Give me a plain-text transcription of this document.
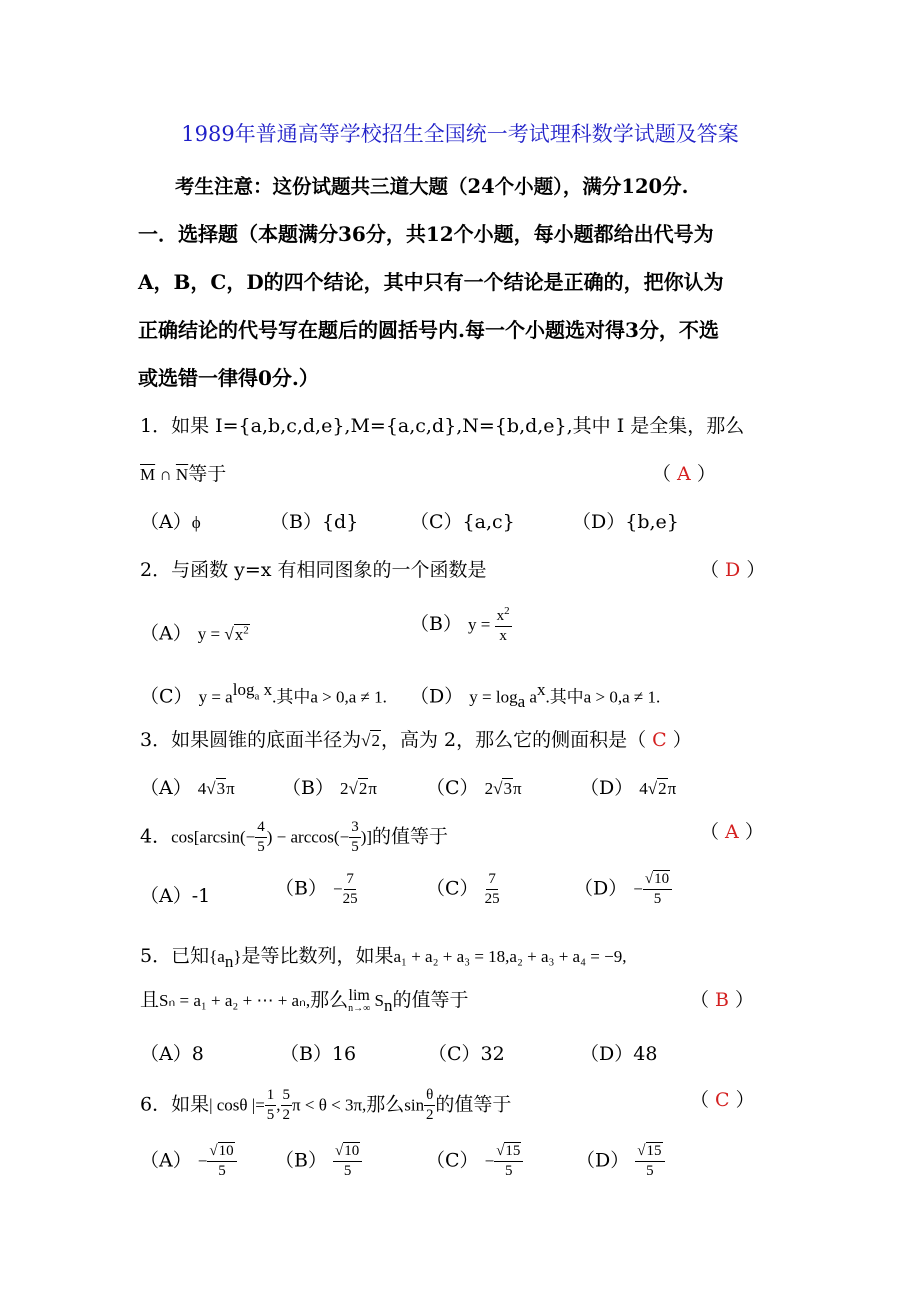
1989年普通高等学校招生全国统一考试理科数学试题及答案
考生注意：这份试题共三道大题（24个小题），满分120分.
一．选择题（本题满分36分，共12个小题，每小题都给出代号为
A，B，C，D的四个结论，其中只有一个结论是正确的，把你认为
正确结论的代号写在题后的圆括号内.每一个小题选对得3分，不选
或选错一律得0分.）
1．如果 I={a,b,c,d,e},M={a,c,d},N={b,d,e},其中 I 是全集，那么
$\overline{M}$ ∩ $\overline{N}$等于	（ A ）
（A）ϕ	（B）{d}	（C）{a,c}	（D）{b,e}
2．与函数 y=x 有相同图象的一个函数是	（ D ）
（A） $y = √x^2$	（B） $y = \frac{x^2}{x}$
（C） $y = a^{log_a x}$.其中a > 0,a ≠ 1. （D） $y = \log_a a^x$.其中a > 0,a ≠ 1.
3．如果圆锥的底面半径为√2，高为 2，那么它的侧面积是（ C ）
（A） 4√3π （B） 2√2π	（C） 2√3π	（D） 4√2π
4．$\cos[\arcsin(- \frac{4}{5}$ ) − $\arccos(- \frac{3}{5}$ )]的值等于	（ A ）
（A）-1	$(B) - \frac{7}{25}$	$(C) \frac{7}{25}$	$(D) - \frac{√10}{5}$
5．已知$\{a_n\}$是等比数列，如果a₁ + a₂ + a₃ = 18,a₂ + a₃ + a₄ = −9,
且Sₙ = a₁ + a₂ + ⋯ + aₙ,那么 lim
n→∞ $S_n$的值等于	（ B ）
（A）8	（B）16	（C）32	（D）48
6．如果| cosθ |= $\frac{1}{5}$ , $\frac{5}{2}$ π < θ < 3π,那么$\sin \frac{\theta}{2}$ 的值等于	（ C ）
$(A) - \frac{√10}{5} (B) \frac{√10}{5}$	$(C) - \frac{√15}{5}$	$(D) \frac{√15}{5}$
